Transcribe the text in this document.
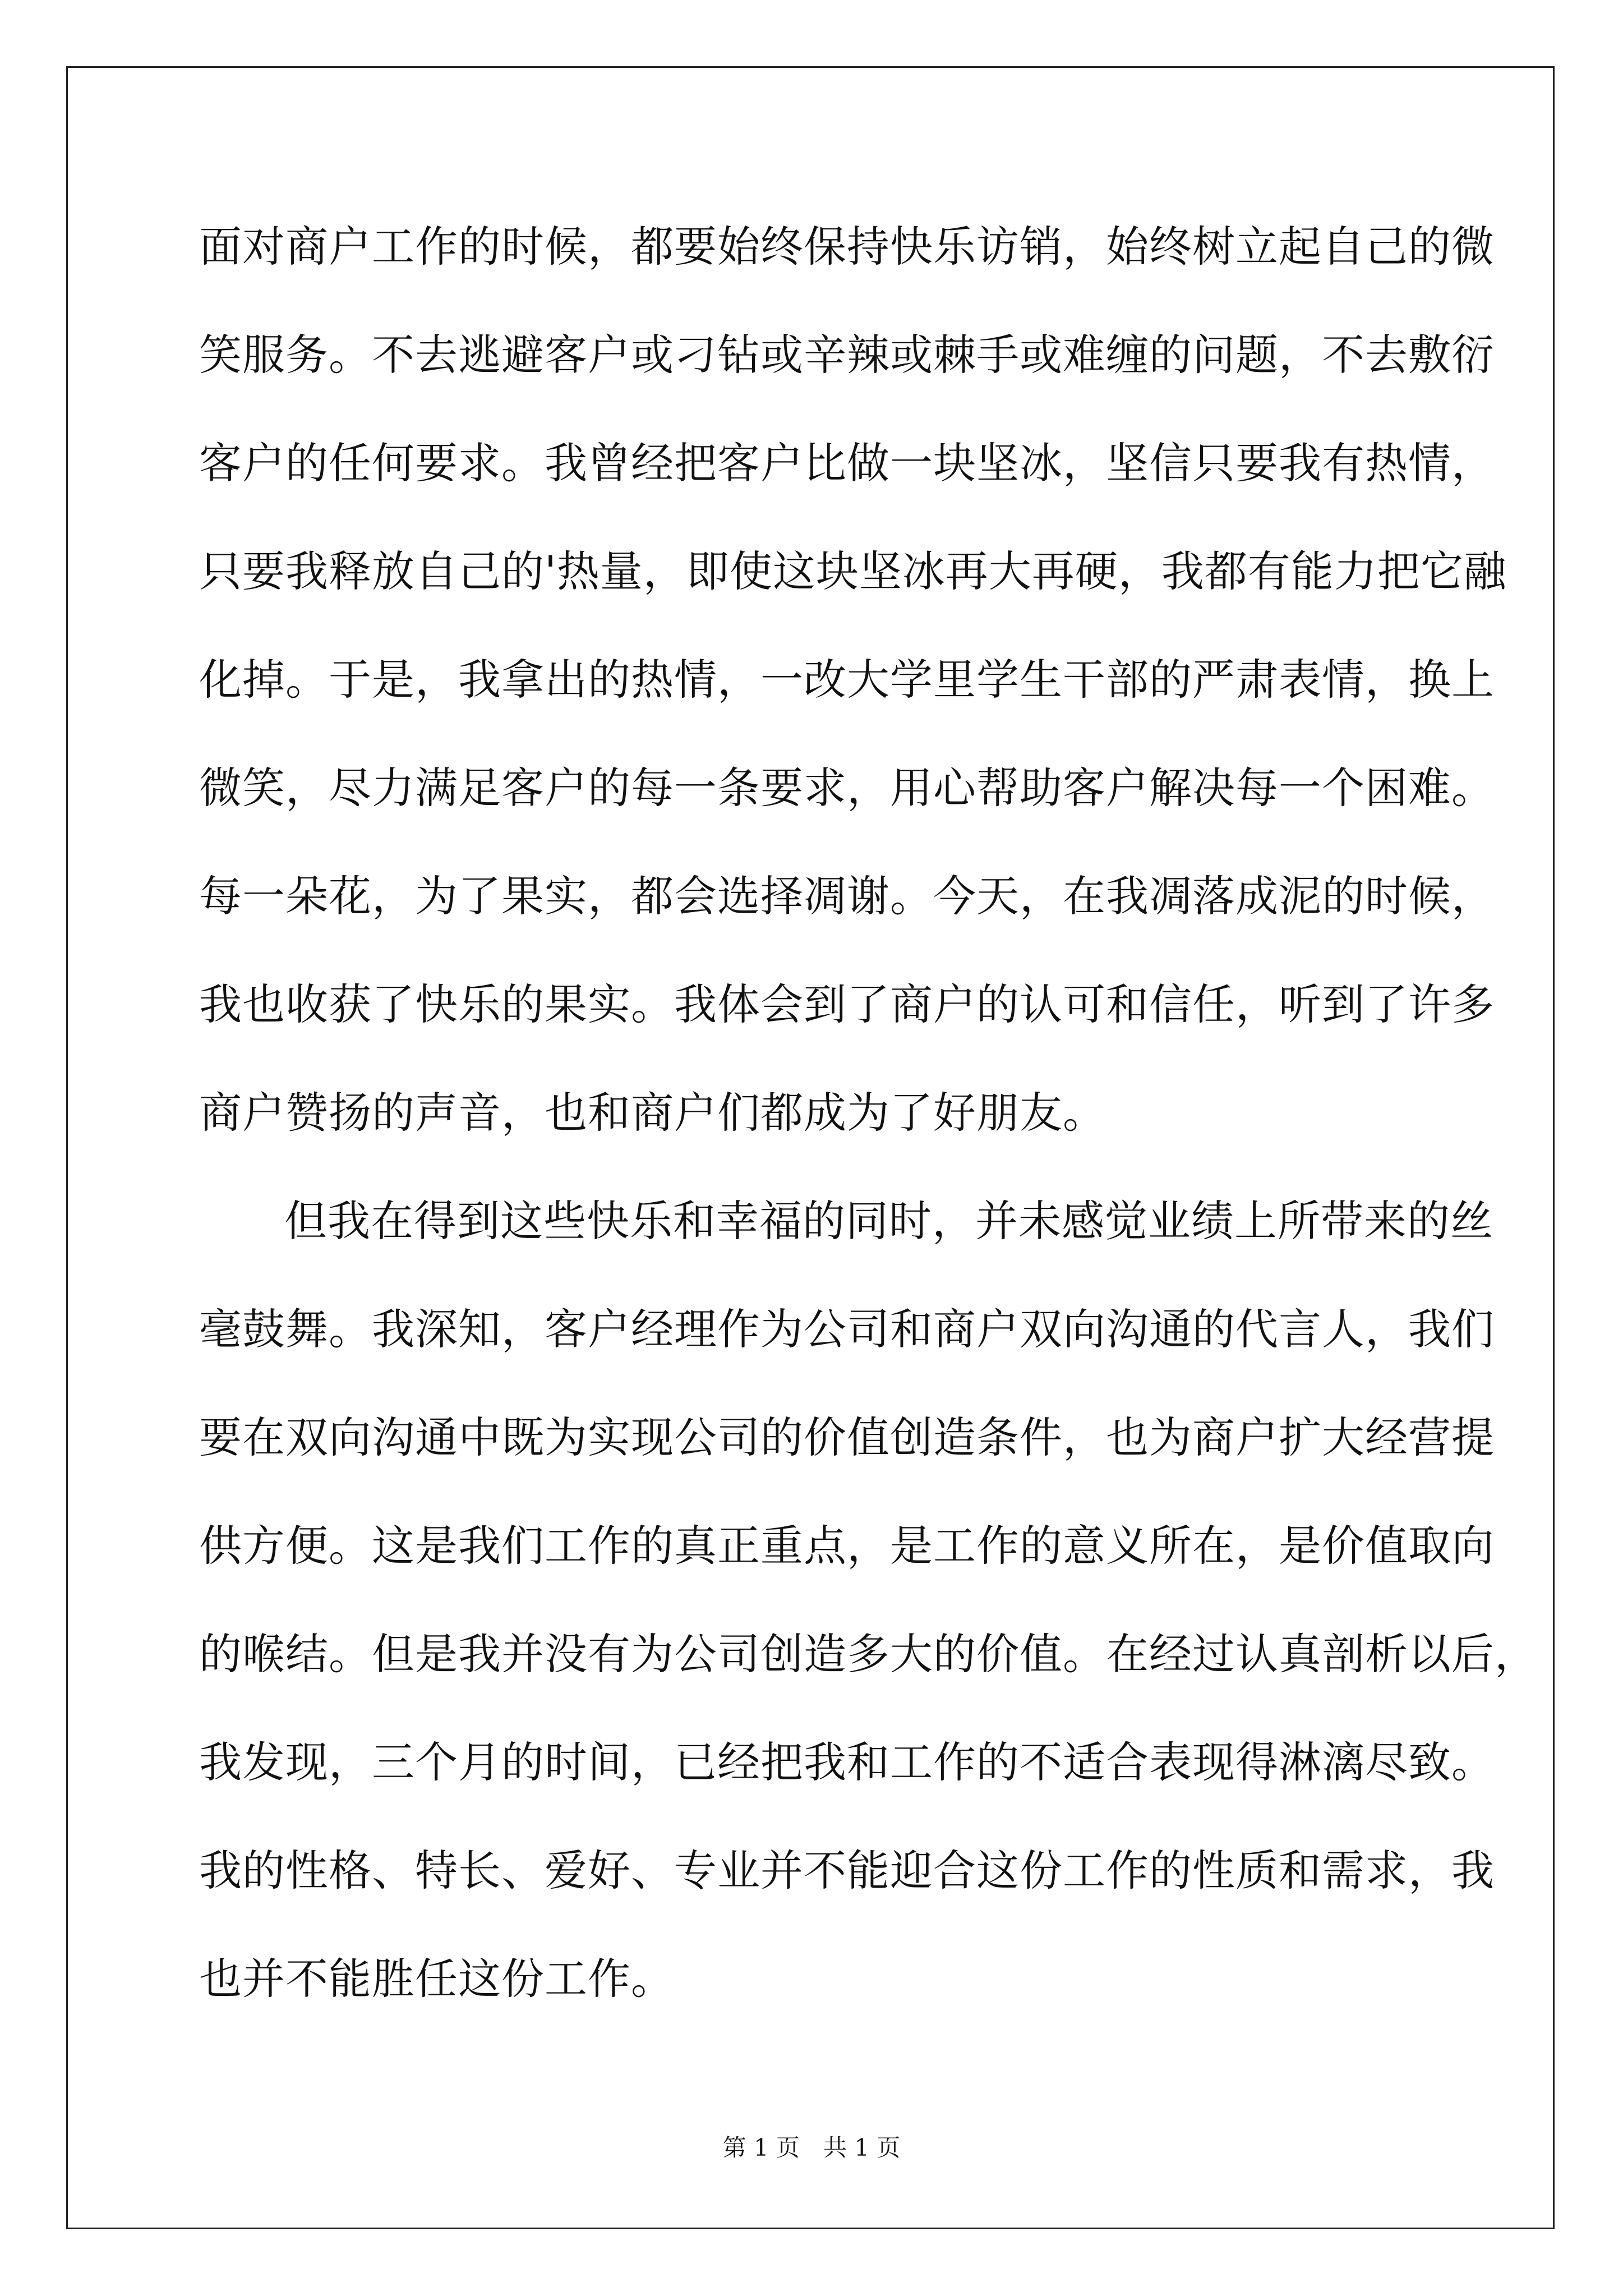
面对商户工作的时候，都要始终保持快乐访销，始终树立起自己的微
笑服务。不去逃避客户或刁钻或辛辣或棘手或难缠的问题，不去敷衍
客户的任何要求。我曾经把客户比做一块坚冰，坚信只要我有热情，
只要我释放自己的'热量，即使这块坚冰再大再硬，我都有能力把它融
化掉。于是，我拿出的热情，一改大学里学生干部的严肃表情，换上
微笑，尽力满足客户的每一条要求，用心帮助客户解决每一个困难。
每一朵花，为了果实，都会选择凋谢。今天，在我凋落成泥的时候，
我也收获了快乐的果实。我体会到了商户的认可和信任，听到了许多
商户赞扬的声音，也和商户们都成为了好朋友。
但我在得到这些快乐和幸福的同时，并未感觉业绩上所带来的丝
毫鼓舞。我深知，客户经理作为公司和商户双向沟通的代言人，我们
要在双向沟通中既为实现公司的价值创造条件，也为商户扩大经营提
供方便。这是我们工作的真正重点，是工作的意义所在，是价值取向
的喉结。但是我并没有为公司创造多大的价值。在经过认真剖析以后，
我发现，三个月的时间，已经把我和工作的不适合表现得淋漓尽致。
我的性格、特长、爱好、专业并不能迎合这份工作的性质和需求，我
也并不能胜任这份工作。
第 1 页　共 1 页
